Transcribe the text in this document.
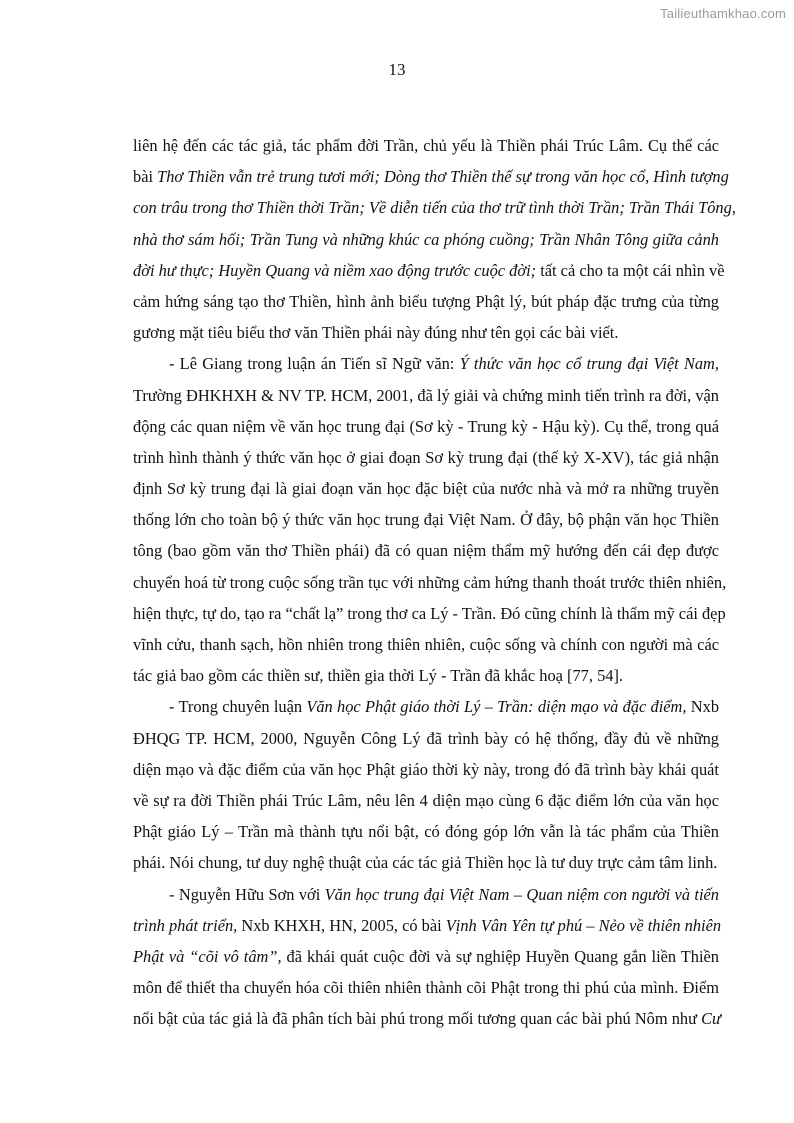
Tailieuthamkhao.com
13
liên hệ đến các tác giả, tác phẩm đời Trần, chủ yếu là Thiền phái Trúc Lâm. Cụ thể các
bài Thơ Thiền vẫn trẻ trung tươi mới; Dòng thơ Thiền thế sự trong văn học cổ, Hình tượng
con trâu trong thơ Thiền thời Trần; Về diễn tiến của thơ trữ tình thời Trần; Trần Thái Tông,
nhà thơ sám hối; Trần Tung và những khúc ca phóng cuồng; Trần Nhân Tông giữa cảnh
đời hư thực; Huyền Quang và niềm xao động trước cuộc đời; tất cả cho ta một cái nhìn về
cảm hứng sáng tạo thơ Thiền, hình ảnh biểu tượng Phật lý, bút pháp đặc trưng của từng
gương mặt tiêu biểu thơ văn Thiền phái này đúng như tên gọi các bài viết.
- Lê Giang trong luận án Tiến sĩ Ngữ văn: Ý thức văn học cổ trung đại Việt Nam,
Trường ĐHKHXH & NV TP. HCM, 2001, đã lý giải và chứng minh tiến trình ra đời, vận
động các quan niệm về văn học trung đại (Sơ kỳ - Trung kỳ - Hậu kỳ). Cụ thể, trong quá
trình hình thành ý thức văn học ở giai đoạn Sơ kỳ trung đại (thế kỷ X-XV), tác giả nhận
định Sơ kỳ trung đại là giai đoạn văn học đặc biệt của nước nhà và mở ra những truyền
thống lớn cho toàn bộ ý thức văn học trung đại Việt Nam. Ở đây, bộ phận văn học Thiền
tông (bao gồm văn thơ Thiền phái) đã có quan niệm thẩm mỹ hướng đến cái đẹp được
chuyển hoá từ trong cuộc sống trần tục với những cảm hứng thanh thoát trước thiên nhiên,
hiện thực, tự do, tạo ra “chất lạ” trong thơ ca Lý - Trần. Đó cũng chính là thẩm mỹ cái đẹp
vĩnh cửu, thanh sạch, hồn nhiên trong thiên nhiên, cuộc sống và chính con người mà các
tác giả bao gồm các thiền sư, thiền gia thời Lý - Trần đã khắc hoạ [77, 54].
- Trong chuyên luận Văn học Phật giáo thời Lý – Trần: diện mạo và đặc điểm, Nxb
ĐHQG TP. HCM, 2000, Nguyễn Công Lý đã trình bày có hệ thống, đầy đủ về những
diện mạo và đặc điểm của văn học Phật giáo thời kỳ này, trong đó đã trình bày khái quát
về sự ra đời Thiền phái Trúc Lâm, nêu lên 4 diện mạo cùng 6 đặc điểm lớn của văn học
Phật giáo Lý – Trần mà thành tựu nổi bật, có đóng góp lớn vẫn là tác phẩm của Thiền
phái. Nói chung, tư duy nghệ thuật của các tác giả Thiền học là tư duy trực cảm tâm linh.
- Nguyễn Hữu Sơn với Văn học trung đại Việt Nam – Quan niệm con người và tiến
trình phát triển, Nxb KHXH, HN, 2005, có bài Vịnh Vân Yên tự phú – Nẻo về thiên nhiên
Phật và “cõi vô tâm”, đã khái quát cuộc đời và sự nghiệp Huyền Quang gắn liền Thiền
môn để thiết tha chuyển hóa cõi thiên nhiên thành cõi Phật trong thi phú của mình. Điểm
nổi bật của tác giả là đã phân tích bài phú trong mối tương quan các bài phú Nôm như Cư
